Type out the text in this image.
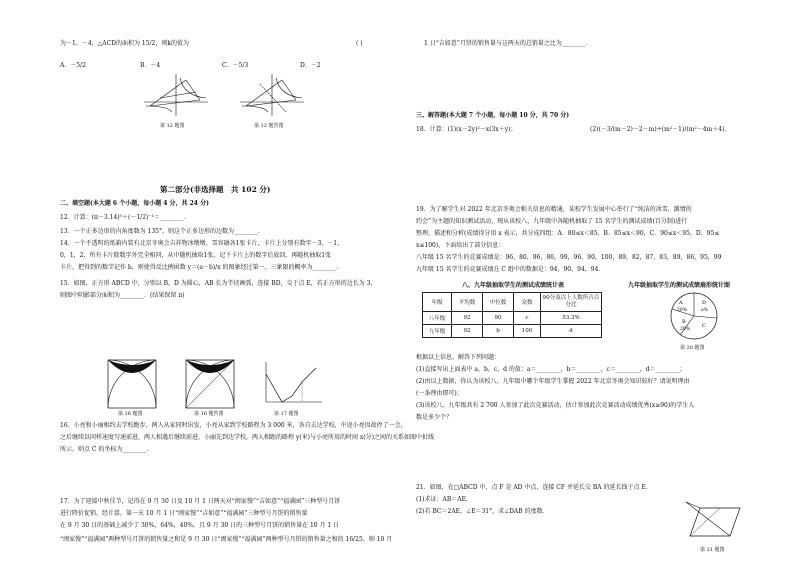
为－1，－4，△ACD的面积为 15/2，则k的值为	( )
A．－5/2	B．－4	C．－5/3	D．－2
第 12 题图	第 12 题答图
第二部分(非选择题　共 102 分)
二、填空题(本大题 6 个小题，每小题 4 分，共 24 分)
12．计算：(π－3.14)⁰＋(－1/2)⁻¹＝________．
13．一个正多边形的内角度数为 135°，则这个正多边形的边数为________．
14．一个不透明的纸箱内装有北京冬奥会吉祥物冰墩墩、雪容融各1张卡片，卡片上分别有数字－3，－1，
0，1，2，所有卡片除数字外完全相同，从中随机抽取1张，记下卡片上的数字后放回，再随机抽取1张
卡片，把得到的数字记作 b，则使得反比例函数 y＝(a－b)/x 的图象经过第一、三象限的概率为________．
15．如图，正方形 ABCD 中，分别以 B，D 为圆心，AB 长为半径画弧，连接 BD，交于点 E，若正方形的边长为 3，
则图中阴影部分面积为________．(结果保留 π)
第 16 题图	第 16 题答图	第 17 题图
16．小亮和小丽相约去学校跑步，两人从家同时出发，小亮从家到学校路程为 3 000 米，各自去达学校，中途小亮因故停了一会，
之后继续以同样速度匀速前进，两人相遇后继续前进，小丽先到达学校，两人相距的路程 y(米)与小亮所用的时间 x(分)之间的关系如图中折线
所示，则点 C 的坐标为________．
17．为了迎接中秋佳节，记得在 9 月 30 日及 10 月 1 日两天对“闽家慢”“吉如意”“福满园”三种型号月饼
进行降价促销，经计算，第一天 10 月 1 日“闽家慢”“吉如意”“福满园”三种型号月饼的销售量
在 9 月 30 日的基础上减少了 30%，64%，40%，且 9 月 30 日的三种型号月饼的销售量在 10 月 1 日
“闽家慢”“福满园”两种型号月饼的销售量之和是 9 月 30 日“闽家慢”“福满园”两种型号月饼的销售量之和的 16/25，则 10 月
1 日“吉如意”月饼的销售量与这两天的总销量之比为________．
三、解答题(本大题 7 个小题，每小题 10 分，共 70 分)
18．计算：(1)(x－2y)²－x(3x＋y)；	(2)(－3/(m－2)－2－m)÷(m²－1)/(m²－4m＋4)．
19．为了解学生对 2022 年北京冬奥会相关信息的精通，某校学生发展中心举行了“纯洁的冰雪，激情的
约会”为主题的知识测试活动，现从该校八、九年级中各随机抽取了 15 名学生的测试成绩(百分制)进行
整理，描述和分析(成绩得分用 x 表示，共分成四组：A．80≤x＜85，B．85≤x＜90，C．90≤x＜95，D．95≤
x≤100)，下面给出了部分信息：
八年级 15 名学生的竞赛成绩是：96，80，96，86，99，96，90，100，89，82，87，83，89，86，95，99
九年级 15 名学生的竞赛成绩在 C 组中的数据是：94，90，94，94．
八、九年级抽取学生的测试成绩统计表	九年级抽取学生的测试成绩扇形统计图
年级	平均数	中位数	众数	90分及以上人数所占百分比
八年级	92	90	c	53.3%
九年级	92	b	100	d
A
20%
D
a%
B
20%
C
第 20 题图
根据以上信息，解答下列问题：
(1)直接写出上面表中 a，b，c，d 的值：a＝________，b＝________，c＝________，d＝________；
(2)由以上数据，你认为该校八、九年级中哪个年级学生掌握 2022 年北京冬奥会知识较好？请说明理由
(一条理由即可)；
(3)该校八、九年级共有 2 700 人参加了此次竞赛活动，估计参加此次竞赛活动成绩优秀(x≥90)的学生人
数是多少个？
21．如图，在□ABCD 中，点 F 是 AD 中点，连接 CF 并延长交 BA 的延长线于点 E．
(1)求证：AB＝AE．
(2)若 BC＝2AE，∠E＝31°，求∠DAB 的度数．
第 21 题图
